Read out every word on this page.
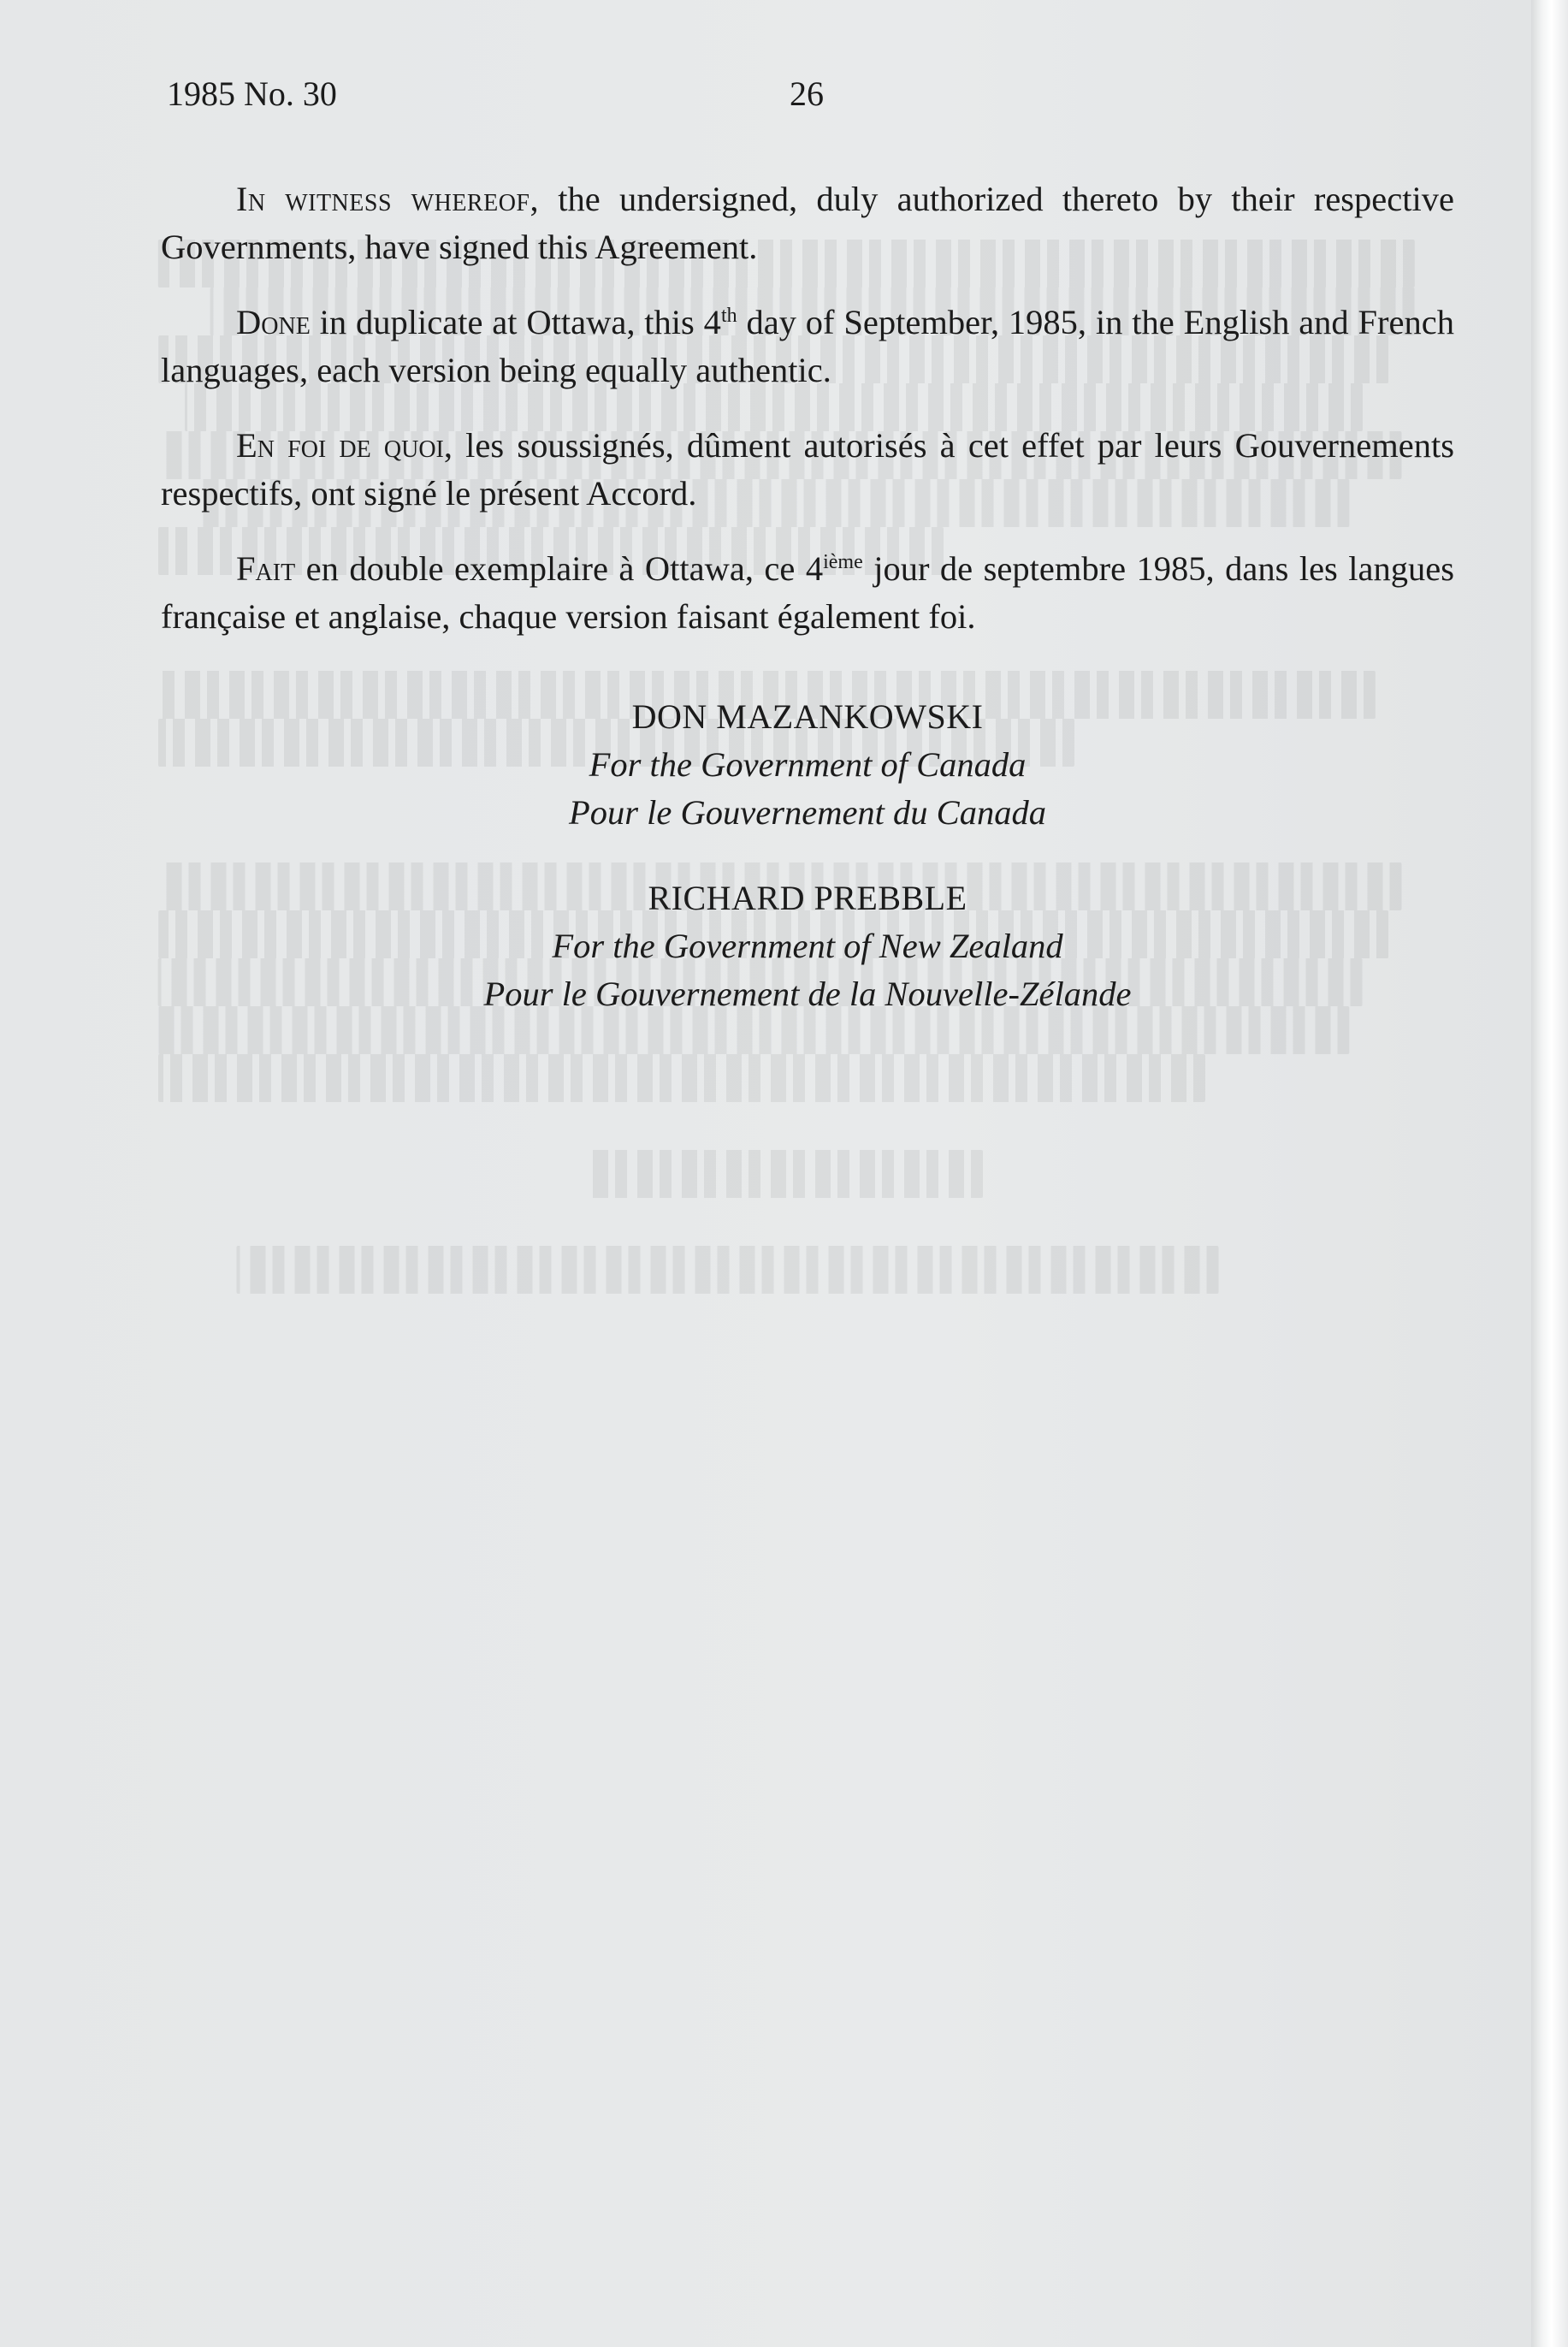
1985 No. 30	26

In witness whereof, the undersigned, duly authorized thereto by their respective Governments, have signed this Agreement.

Done in duplicate at Ottawa, this 4th day of September, 1985, in the English and French languages, each version being equally authentic.

En foi de quoi, les soussignés, dûment autorisés à cet effet par leurs Gouvernements respectifs, ont signé le présent Accord.

Fait en double exemplaire à Ottawa, ce 4ième jour de septembre 1985, dans les langues française et anglaise, chaque version faisant également foi.

DON MAZANKOWSKI
For the Government of Canada
Pour le Gouvernement du Canada
RICHARD PREBBLE
For the Government of New Zealand
Pour le Gouvernement de la Nouvelle-Zélande
